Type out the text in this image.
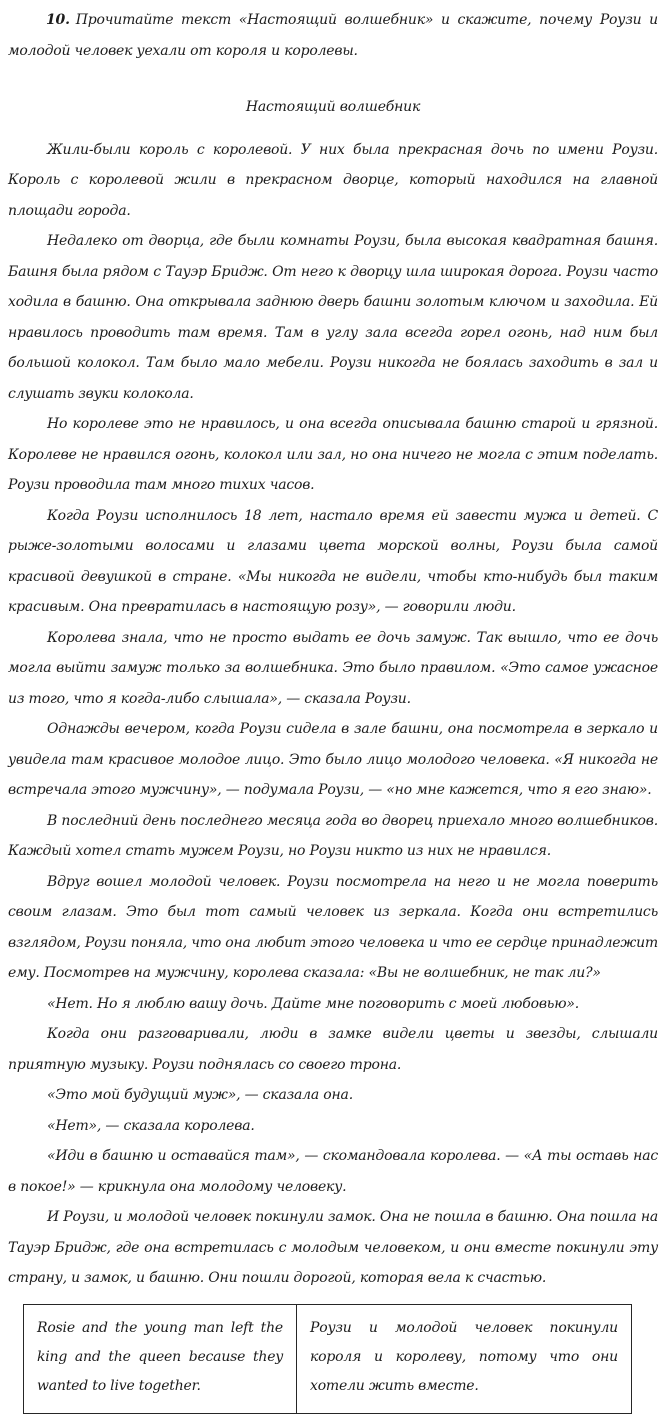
10. Прочитайте текст «Настоящий волшебник» и скажите, почему Роузи и молодой человек уехали от короля и королевы.

Настоящий волшебник

Жили-были король с королевой. У них была прекрасная дочь по имени Роузи. Король с королевой жили в прекрасном дворце, который находился на главной площади города.

Недалеко от дворца, где были комнаты Роузи, была высокая квадратная башня. Башня была рядом с Тауэр Бридж. От него к дворцу шла широкая дорога. Роузи часто ходила в башню. Она открывала заднюю дверь башни золотым ключом и заходила. Ей нравилось проводить там время. Там в углу зала всегда горел огонь, над ним был большой колокол. Там было мало мебели. Роузи никогда не боялась заходить в зал и слушать звуки колокола.

Но королеве это не нравилось, и она всегда описывала башню старой и грязной. Королеве не нравился огонь, колокол или зал, но она ничего не могла с этим поделать. Роузи проводила там много тихих часов.

Когда Роузи исполнилось 18 лет, настало время ей завести мужа и детей. С рыже-золотыми волосами и глазами цвета морской волны, Роузи была самой красивой девушкой в стране. «Мы никогда не видели, чтобы кто-нибудь был таким красивым. Она превратилась в настоящую розу», — говорили люди.

Королева знала, что не просто выдать ее дочь замуж. Так вышло, что ее дочь могла выйти замуж только за волшебника. Это было правилом. «Это самое ужасное из того, что я когда-либо слышала», — сказала Роузи.

Однажды вечером, когда Роузи сидела в зале башни, она посмотрела в зеркало и увидела там красивое молодое лицо. Это было лицо молодого человека. «Я никогда не встречала этого мужчину», — подумала Роузи, — «но мне кажется, что я его знаю».

В последний день последнего месяца года во дворец приехало много волшебников. Каждый хотел стать мужем Роузи, но Роузи никто из них не нравился.

Вдруг вошел молодой человек. Роузи посмотрела на него и не могла поверить своим глазам. Это был тот самый человек из зеркала. Когда они встретились взглядом, Роузи поняла, что она любит этого человека и что ее сердце принадлежит ему. Посмотрев на мужчину, королева сказала: «Вы не волшебник, не так ли?»

«Нет. Но я люблю вашу дочь. Дайте мне поговорить с моей любовью».

Когда они разговаривали, люди в замке видели цветы и звезды, слышали приятную музыку. Роузи поднялась со своего трона.

«Это мой будущий муж», — сказала она.

«Нет», — сказала королева.

«Иди в башню и оставайся там», — скомандовала королева. — «А ты оставь нас в покое!» — крикнула она молодому человеку.

И Роузи, и молодой человек покинули замок. Она не пошла в башню. Она пошла на Тауэр Бридж, где она встретилась с молодым человеком, и они вместе покинули эту страну, и замок, и башню. Они пошли дорогой, которая вела к счастью.

Rosie and the young man left the king and the queen because they wanted to live together.	Роузи и молодой человек покинули короля и королеву, потому что они хотели жить вместе.
